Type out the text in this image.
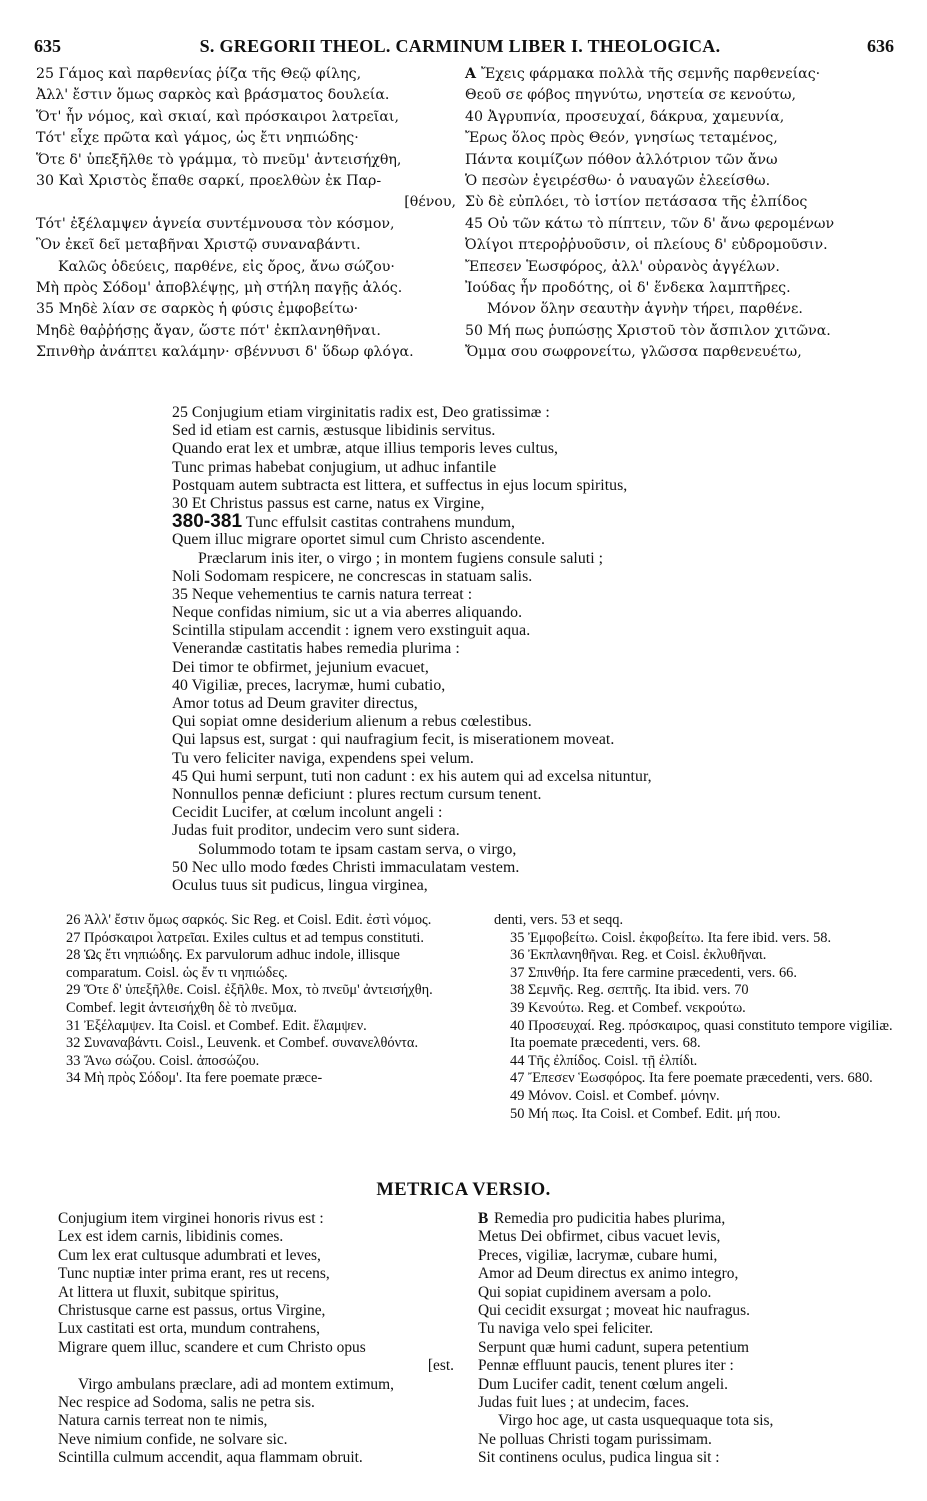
635	S. GREGORII THEOL. CARMINUM LIBER I. THEOLOGICA.	636
25 Γάμος καὶ παρθενίας ῥίζα τῆς Θεῷ φίλης,
Ἀλλ' ἔστιν ὅμως σαρκὸς καὶ βράσματος δουλεία.
Ὅτ' ἦν νόμος, καὶ σκιαί, καὶ πρόσκαιροι λατρεῖαι,
Τότ' εἶχε πρῶτα καὶ γάμος, ὡς ἔτι νηπιώδης·
Ὅτε δ' ὑπεξῆλθε τὸ γράμμα, τὸ πνεῦμ' ἀντεισήχθη,
30 Καὶ Χριστὸς ἔπαθε σαρκί, προελθὼν ἐκ Παρ-
[θένου,
Τότ' ἐξέλαμψεν ἁγνεία συντέμνουσα τὸν κόσμον,
Ὃν ἐκεῖ δεῖ μεταβῆναι Χριστῷ συναναβάντι.
Καλῶς ὁδεύεις, παρθένε, εἰς ὄρος, ἄνω σώζου·
Μὴ πρὸς Σόδομ' ἀποβλέψῃς, μὴ στήλη παγῇς ἁλός.
35 Μηδὲ λίαν σε σαρκὸς ἡ φύσις ἐμφοβείτω·
Μηδὲ θαῤῥήσῃς ἄγαν, ὥστε πότ' ἐκπλανηθῆναι.
Σπινθὴρ ἀνάπτει καλάμην· σβέννυσι δ' ὕδωρ φλόγα.
A Ἔχεις φάρμακα πολλὰ τῆς σεμνῆς παρθενείας·
Θεοῦ σε φόβος πηγνύτω, νηστεία σε κενούτω,
40 Ἀγρυπνία, προσευχαί, δάκρυα, χαμευνία,
Ἔρως ὅλος πρὸς Θεόν, γνησίως τεταμένος,
Πάντα κοιμίζων πόθον ἀλλότριον τῶν ἄνω
Ὁ πεσὼν ἐγειρέσθω· ὁ ναυαγῶν ἐλεείσθω.
Σὺ δὲ εὐπλόει, τὸ ἱστίον πετάσασα τῆς ἐλπίδος
45 Οὐ τῶν κάτω τὸ πίπτειν, τῶν δ' ἄνω φερομένων
Ὀλίγοι πτεροῤῥυοῦσιν, οἱ πλείους δ' εὐδρομοῦσιν.
Ἔπεσεν Ἑωσφόρος, ἀλλ' οὐρανὸς ἀγγέλων.
Ἰούδας ἦν προδότης, οἱ δ' ἕνδεκα λαμπτῆρες.
Μόνον ὅλην σεαυτὴν ἁγνὴν τήρει, παρθένε.
50 Μή πως ῥυπώσῃς Χριστοῦ τὸν ἄσπιλον χιτῶνα.
Ὄμμα σου σωφρονείτω, γλῶσσα παρθενευέτω,
25 Conjugium etiam virginitatis radix est, Deo gratissimæ :
Sed id etiam est carnis, æstusque libidinis servitus.
Quando erat lex et umbræ, atque illius temporis leves cultus,
Tunc primas habebat conjugium, ut adhuc infantile
Postquam autem subtracta est littera, et suffectus in ejus locum spiritus,
30 Et Christus passus est carne, natus ex Virgine,
380-381 Tunc effulsit castitas contrahens mundum,
Quem illuc migrare oportet simul cum Christo ascendente.
Præclarum inis iter, o virgo ; in montem fugiens consule saluti ;
Noli Sodomam respicere, ne concrescas in statuam salis.
35 Neque vehementius te carnis natura terreat :
Neque confidas nimium, sic ut a via aberres aliquando.
Scintilla stipulam accendit : ignem vero exstinguit aqua.
Venerandæ castitatis habes remedia plurima :
Dei timor te obfirmet, jejunium evacuet,
40 Vigiliæ, preces, lacrymæ, humi cubatio,
Amor totus ad Deum graviter directus,
Qui sopiat omne desiderium alienum a rebus cœlestibus.
Qui lapsus est, surgat : qui naufragium fecit, is miserationem moveat.
Tu vero feliciter naviga, expendens spei velum.
45 Qui humi serpunt, tuti non cadunt : ex his autem qui ad excelsa nituntur,
Nonnullos pennæ deficiunt : plures rectum cursum tenent.
Cecidit Lucifer, at cœlum incolunt angeli :
Judas fuit proditor, undecim vero sunt sidera.
Solummodo totam te ipsam castam serva, o virgo,
50 Nec ullo modo fœdes Christi immaculatam vestem.
Oculus tuus sit pudicus, lingua virginea,
26 Ἀλλ' ἔστιν ὅμως σαρκός. Sic Reg. et Coisl. Edit. ἐστὶ νόμος.
27 Πρόσκαιροι λατρεῖαι. Exiles cultus et ad tempus constituti.
28 Ὡς ἔτι νηπιώδης. Ex parvulorum adhuc indole, illisque comparatum. Coisl. ὡς ἔν τι νηπιώδες.
29 Ὅτε δ' ὑπεξῆλθε. Coisl. ἐξῆλθε. Mox, τὸ πνεῦμ' ἀντεισήχθη. Combef. legit ἀντεισήχθη δὲ τὸ πνεῦμα.
31 Ἐξέλαμψεν. Ita Coisl. et Combef. Edit. ἔλαμψεν.
32 Συναναβάντι. Coisl., Leuvenk. et Combef. συνανελθόντα.
33 Ἄνω σώζου. Coisl. ἀποσώζου.
34 Μὴ πρὸς Σόδομ'. Ita fere poemate præce-
denti, vers. 53 et seqq.
35 Ἐμφοβείτω. Coisl. ἐκφοβείτω. Ita fere ibid. vers. 58.
36 Ἐκπλανηθῆναι. Reg. et Coisl. ἐκλυθῆναι.
37 Σπινθήρ. Ita fere carmine præcedenti, vers. 66.
38 Σεμνῆς. Reg. σεπτῆς. Ita ibid. vers. 70
39 Κενούτω. Reg. et Combef. νεκρούτω.
40 Προσευχαί. Reg. πρόσκαιρος, quasi constituto tempore vigiliæ. Ita poemate præcedenti, vers. 68.
44 Τῆς ἐλπίδος. Coisl. τῇ ἐλπίδι.
47 Ἔπεσεν Ἑωσφόρος. Ita fere poemate præcedenti, vers. 680.
49 Μόνον. Coisl. et Combef. μόνην.
50 Μή πως. Ita Coisl. et Combef. Edit. μή που.
METRICA VERSIO.
Conjugium item virginei honoris rivus est :
Lex est idem carnis, libidinis comes.
Cum lex erat cultusque adumbrati et leves,
Tunc nuptiæ inter prima erant, res ut recens,
At littera ut fluxit, subitque spiritus,
Christusque carne est passus, ortus Virgine,
Lux castitati est orta, mundum contrahens,
Migrare quem illuc, scandere et cum Christo opus
[est.
Virgo ambulans præclare, adi ad montem extimum,
Nec respice ad Sodoma, salis ne petra sis.
Natura carnis terreat non te nimis,
Neve nimium confide, ne solvare sic.
Scintilla culmum accendit, aqua flammam obruit.
B Remedia pro pudicitia habes plurima,
Metus Dei obfirmet, cibus vacuet levis,
Preces, vigiliæ, lacrymæ, cubare humi,
Amor ad Deum directus ex animo integro,
Qui sopiat cupidinem aversam a polo.
Qui cecidit exsurgat ; moveat hic naufragus.
Tu naviga velo spei feliciter.
Serpunt quæ humi cadunt, supera petentium
Pennæ effluunt paucis, tenent plures iter :
Dum Lucifer cadit, tenent cœlum angeli.
Judas fuit lues ; at undecim, faces.
Virgo hoc age, ut casta usquequaque tota sis,
Ne polluas Christi togam purissimam.
Sit continens oculus, pudica lingua sit :
